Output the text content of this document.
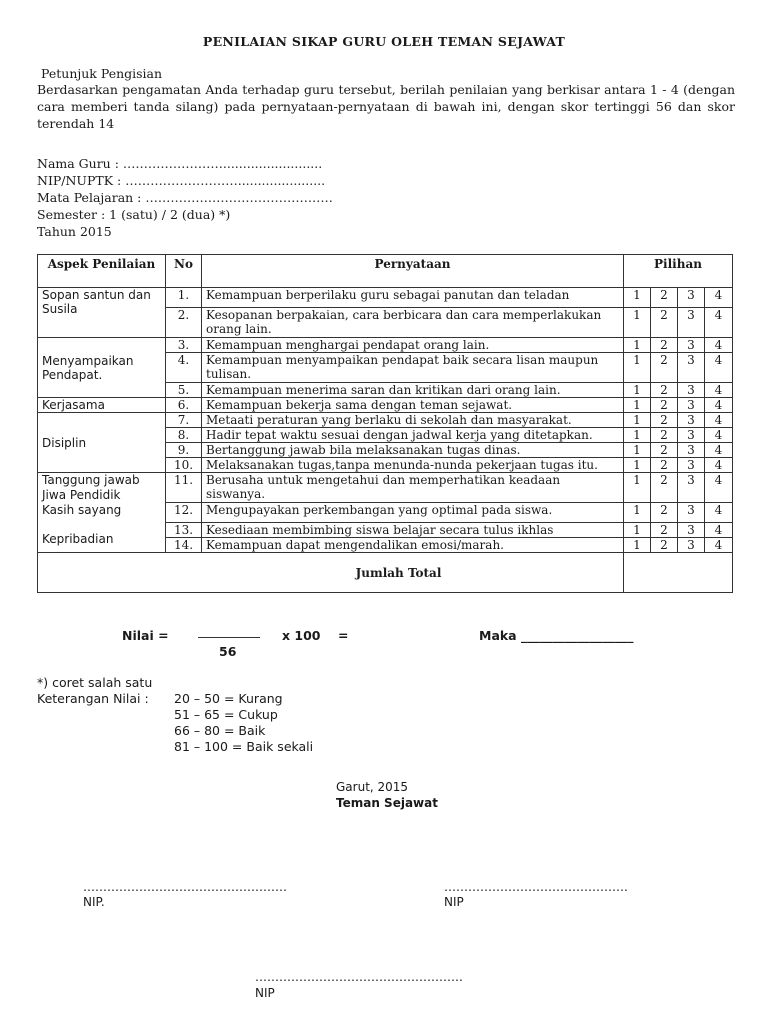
PENILAIAN SIKAP GURU OLEH TEMAN SEJAWAT
Petunjuk Pengisian
Berdasarkan pengamatan Anda terhadap guru tersebut, berilah penilaian yang berkisar antara 1 - 4 (dengan cara memberi tanda silang) pada pernyataan-pernyataan di bawah ini, dengan skor tertinggi 56 dan skor terendah 14
Nama Guru : …………………….........................
NIP/NUPTK : ………………………......................
Mata Pelajaran : ………………………………………
Semester : 1 (satu) / 2 (dua) *)
Tahun 2015
Aspek Penilaian	No	Pernyataan	Pilihan			
Sopan santun dan Susila	1.	Kemampuan berperilaku guru sebagai panutan dan teladan	1	2	3	4
	2.	Kesopanan berpakaian, cara berbicara dan cara memperlakukan orang lain.	1	2	3	4
Menyampaikan Pendapat.	3.	Kemampuan menghargai pendapat orang lain.	1	2	3	4
	4.	Kemampuan menyampaikan pendapat baik secara lisan maupun tulisan.	1	2	3	4
	5.	Kemampuan menerima saran dan kritikan dari orang lain.	1	2	3	4
Kerjasama	6.	Kemampuan bekerja sama dengan teman sejawat.	1	2	3	4
Disiplin	7.	Metaati peraturan yang berlaku di sekolah dan masyarakat.	1	2	3	4
	8.	Hadir tepat waktu sesuai dengan jadwal kerja yang ditetapkan.	1	2	3	4
	9.	Bertanggung jawab bila melaksanakan tugas dinas.	1	2	3	4
	10.	Melaksanakan tugas,tanpa menunda-nunda pekerjaan tugas itu.	1	2	3	4

Tanggung jawab
Jiwa Pendidik
Kasih sayang
Kepribadian	11.	Berusaha untuk mengetahui dan memperhatikan keadaan siswanya.	1	2	3	4
	12.	Mengupayakan perkembangan yang optimal pada siswa.	1	2	3	4
	13.	Kesediaan membimbing siswa belajar secara tulus ikhlas	1	2	3	4
	14.	Kemampuan dapat mengendalikan emosi/marah.	1	2	3	4
Jumlah Total						
Nilai =	x 100 =
56
Maka __________________
*) coret salah satu
Keterangan Nilai : 20 – 50 = Kurang
51 – 65 = Cukup
66 – 80 = Baik
81 – 100 = Baik sekali
Garut, 2015
Teman Sejawat
……………………………………………
NIP.
……………………………………….
NIP
…………………………………………….
NIP
